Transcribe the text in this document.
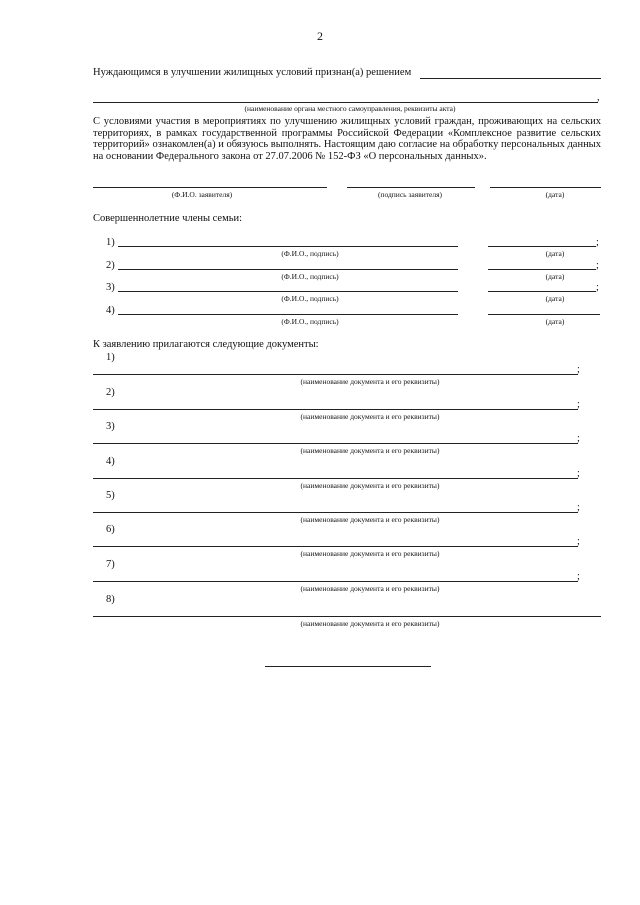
2
Нуждающимся в улучшении жилищных условий признан(а) решением
,
(наименование органа местного самоуправления, реквизиты акта)
С условиями участия в мероприятиях по улучшению жилищных условий граждан, проживающих на сельских территориях, в рамках государственной программы Российской Федерации «Комплексное развитие сельских территорий» ознакомлен(а) и обязуюсь выполнять. Настоящим даю согласие на обработку персональных данных на основании Федерального закона от 27.07.2006 № 152-ФЗ «О персональных данных».
(Ф.И.О. заявителя)	(подпись заявителя)	(дата)
Совершеннолетние члены семьи:
1)	;
(Ф.И.О., подпись)	(дата)
2)	;
(Ф.И.О., подпись)	(дата)
3)	;
(Ф.И.О., подпись)	(дата)
4)
(Ф.И.О., подпись)	(дата)
К заявлению прилагаются следующие документы:
1)
;
(наименование документа и его реквизиты)
2)
;
(наименование документа и его реквизиты)
3)
;
(наименование документа и его реквизиты)
4)
;
(наименование документа и его реквизиты)
5)
;
(наименование документа и его реквизиты)
6)
;
(наименование документа и его реквизиты)
7)
;
(наименование документа и его реквизиты)
8)
(наименование документа и его реквизиты)
